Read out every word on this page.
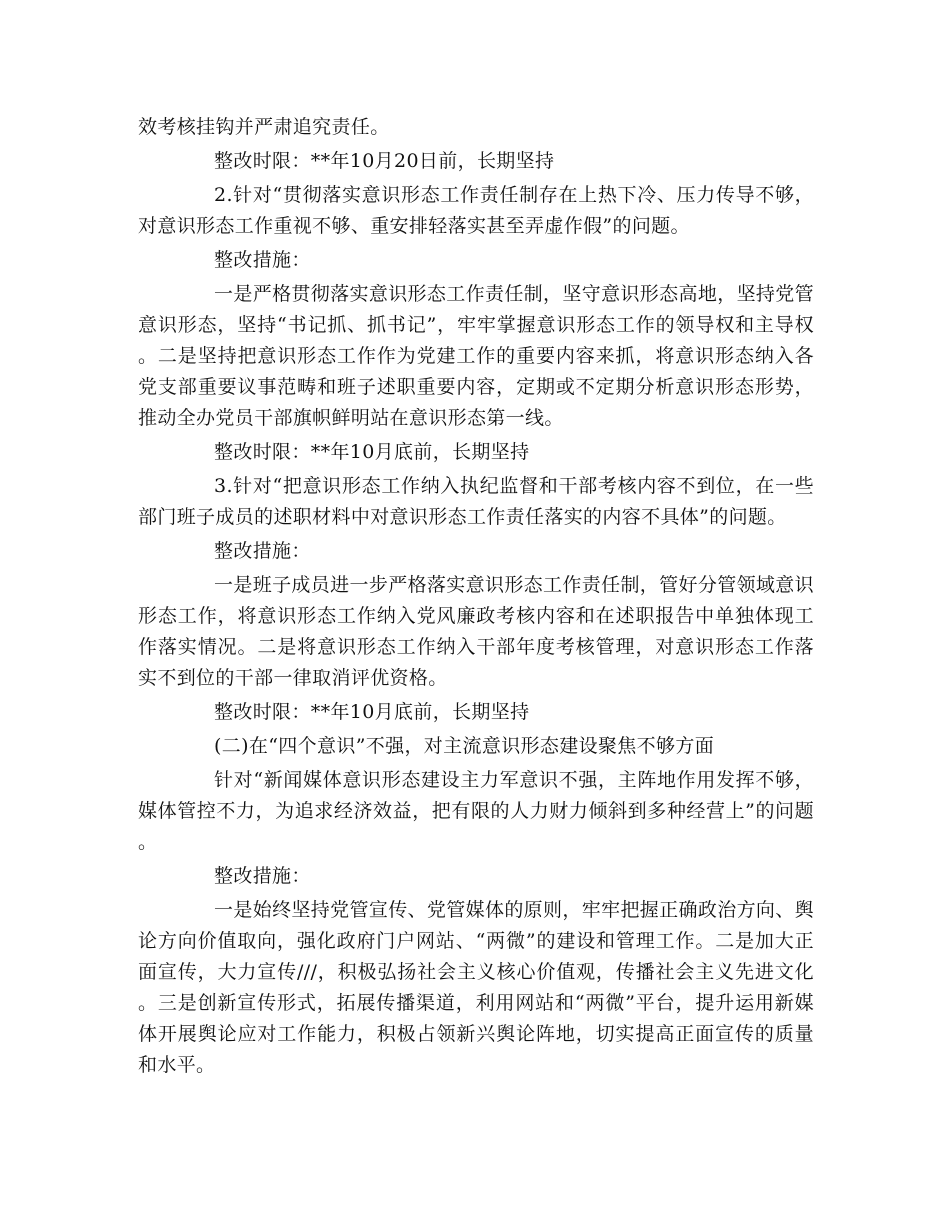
效考核挂钩并严肃追究责任。

整改时限：**年10月20日前，长期坚持

2.针对“贯彻落实意识形态工作责任制存在上热下冷、压力传导不够，对意识形态工作重视不够、重安排轻落实甚至弄虚作假”的问题。

整改措施：

一是严格贯彻落实意识形态工作责任制，坚守意识形态高地，坚持党管意识形态，坚持“书记抓、抓书记”，牢牢掌握意识形态工作的领导权和主导权。二是坚持把意识形态工作作为党建工作的重要内容来抓，将意识形态纳入各党支部重要议事范畴和班子述职重要内容，定期或不定期分析意识形态形势，推动全办党员干部旗帜鲜明站在意识形态第一线。

整改时限：**年10月底前，长期坚持

3.针对“把意识形态工作纳入执纪监督和干部考核内容不到位，在一些部门班子成员的述职材料中对意识形态工作责任落实的内容不具体”的问题。

整改措施：

一是班子成员进一步严格落实意识形态工作责任制，管好分管领域意识形态工作，将意识形态工作纳入党风廉政考核内容和在述职报告中单独体现工作落实情况。二是将意识形态工作纳入干部年度考核管理，对意识形态工作落实不到位的干部一律取消评优资格。

整改时限：**年10月底前，长期坚持

(二)在“四个意识”不强，对主流意识形态建设聚焦不够方面

针对“新闻媒体意识形态建设主力军意识不强，主阵地作用发挥不够，媒体管控不力，为追求经济效益，把有限的人力财力倾斜到多种经营上”的问题。

整改措施：

一是始终坚持党管宣传、党管媒体的原则，牢牢把握正确政治方向、舆论方向价值取向，强化政府门户网站、“两微”的建设和管理工作。二是加大正面宣传，大力宣传///，积极弘扬社会主义核心价值观，传播社会主义先进文化。三是创新宣传形式，拓展传播渠道，利用网站和“两微”平台，提升运用新媒体开展舆论应对工作能力，积极占领新兴舆论阵地，切实提高正面宣传的质量和水平。
